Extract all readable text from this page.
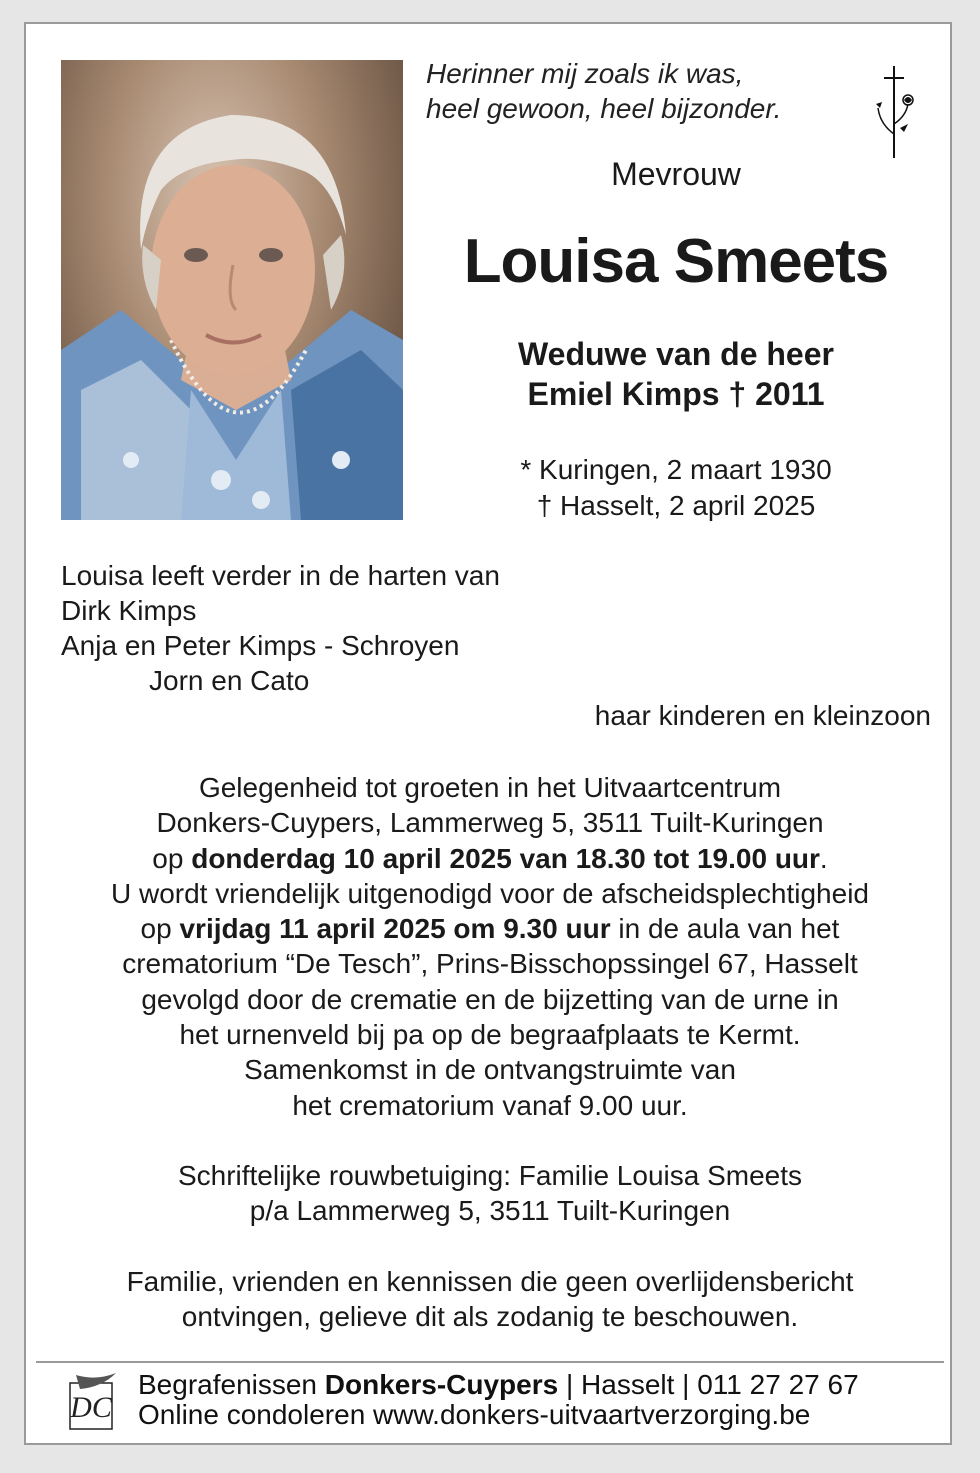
Herinner mij zoals ik was,
heel gewoon, heel bijzonder.
Mevrouw
Louisa Smeets
Weduwe van de heer
Emiel Kimps † 2011
* Kuringen, 2 maart 1930
† Hasselt, 2 april 2025
Louisa leeft verder in de harten van
Dirk Kimps
Anja en Peter Kimps - Schroyen
Jorn en Cato
haar kinderen en kleinzoon
Gelegenheid tot groeten in het Uitvaartcentrum
Donkers-Cuypers, Lammerweg 5, 3511 Tuilt-Kuringen
op donderdag 10 april 2025 van 18.30 tot 19.00 uur.
U wordt vriendelijk uitgenodigd voor de afscheidsplechtigheid
op vrijdag 11 april 2025 om 9.30 uur in de aula van het
crematorium “De Tesch”, Prins-Bisschopssingel 67, Hasselt
gevolgd door de crematie en de bijzetting van de urne in
het urnenveld bij pa op de begraafplaats te Kermt.
Samenkomst in de ontvangstruimte van
het crematorium vanaf 9.00 uur.
Schriftelijke rouwbetuiging: Familie Louisa Smeets
p/a Lammerweg 5, 3511 Tuilt-Kuringen
Familie, vrienden en kennissen die geen overlijdensbericht
ontvingen, gelieve dit als zodanig te beschouwen.
DC
Begrafenissen Donkers-Cuypers | Hasselt | 011 27 27 67
Online condoleren www.donkers-uitvaartverzorging.be
